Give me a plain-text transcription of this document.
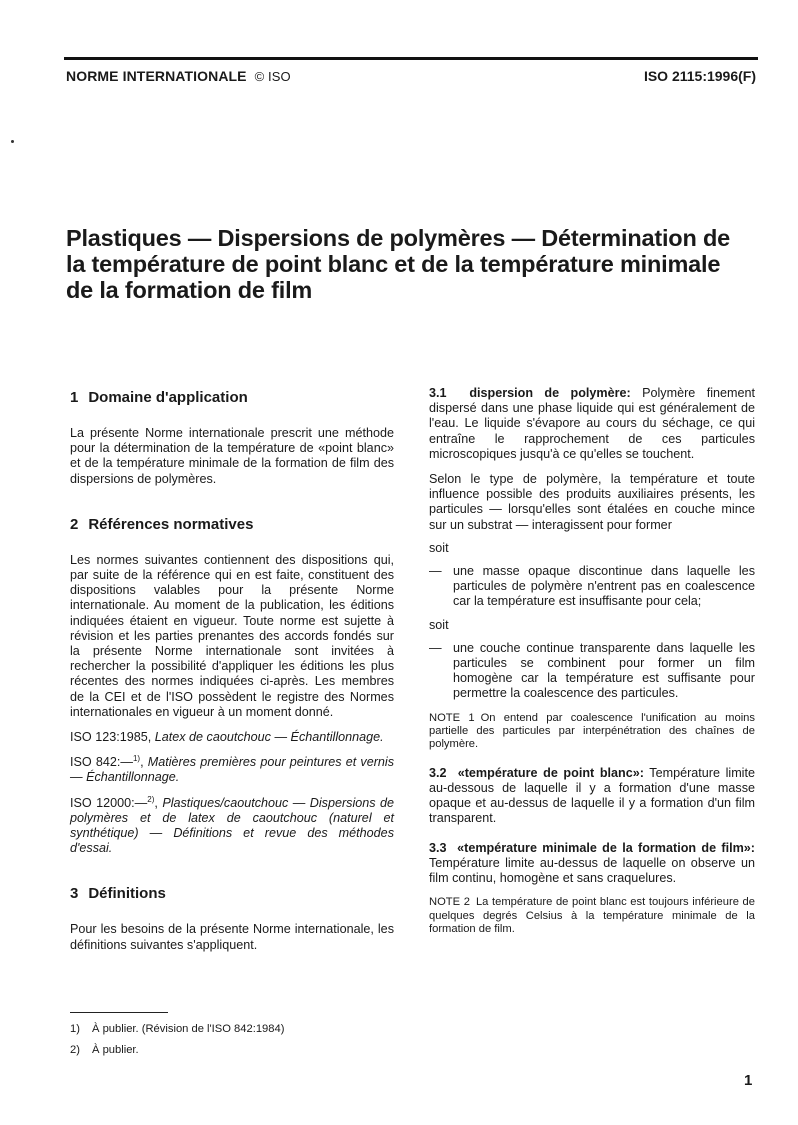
NORME INTERNATIONALE © ISO	ISO 2115:1996(F)
Plastiques — Dispersions de polymères — Détermination de
la température de point blanc et de la température minimale
de la formation de film
1 Domaine d'application

La présente Norme internationale prescrit une méthode pour la détermination de la température de «point blanc» et de la température minimale de la formation de film des dispersions de polymères.

2 Références normatives

Les normes suivantes contiennent des dispositions qui, par suite de la référence qui en est faite, constituent des dispositions valables pour la présente Norme internationale. Au moment de la publication, les éditions indiquées étaient en vigueur. Toute norme est sujette à révision et les parties prenantes des accords fondés sur la présente Norme internationale sont invitées à rechercher la possibilité d'appliquer les éditions les plus récentes des normes indiquées ci-après. Les membres de la CEI et de l'ISO possèdent le registre des Normes internationales en vigueur à un moment donné.

ISO 123:1985, Latex de caoutchouc — Échantillonnage.

ISO 842:—$^{1)}$, Matières premières pour peintures et vernis — Échantillonnage.

ISO 12000:—$^{2)}$, Plastiques/caoutchouc — Dispersions de polymères et de latex de caoutchouc (naturel et synthétique) — Définitions et revue des méthodes d'essai.

3 Définitions

Pour les besoins de la présente Norme internationale, les définitions suivantes s'appliquent.

3.1 dispersion de polymère: Polymère finement dispersé dans une phase liquide qui est généralement de l'eau. Le liquide s'évapore au cours du séchage, ce qui entraîne le rapprochement de ces particules microscopiques jusqu'à ce qu'elles se touchent.

Selon le type de polymère, la température et toute influence possible des produits auxiliaires présents, les particules — lorsqu'elles sont étalées en couche mince sur un substrat — interagissent pour former

soit

— une masse opaque discontinue dans laquelle les particules de polymère n'entrent pas en coalescence car la température est insuffisante pour cela;

soit

— une couche continue transparente dans laquelle les particules se combinent pour former un film homogène car la température est suffisante pour permettre la coalescence des particules.

NOTE 1 On entend par coalescence l'unification au moins partielle des particules par interpénétration des chaînes de polymère.

3.2 «température de point blanc»: Température limite au-dessous de laquelle il y a formation d'une masse opaque et au-dessus de laquelle il y a formation d'un film transparent.

3.3 «température minimale de la formation de film»: Température limite au-dessus de laquelle on observe un film continu, homogène et sans craquelures.

NOTE 2 La température de point blanc est toujours inférieure de quelques degrés Celsius à la température minimale de la formation de film.

1) À publier. (Révision de l'ISO 842:1984)
2) À publier.
1
